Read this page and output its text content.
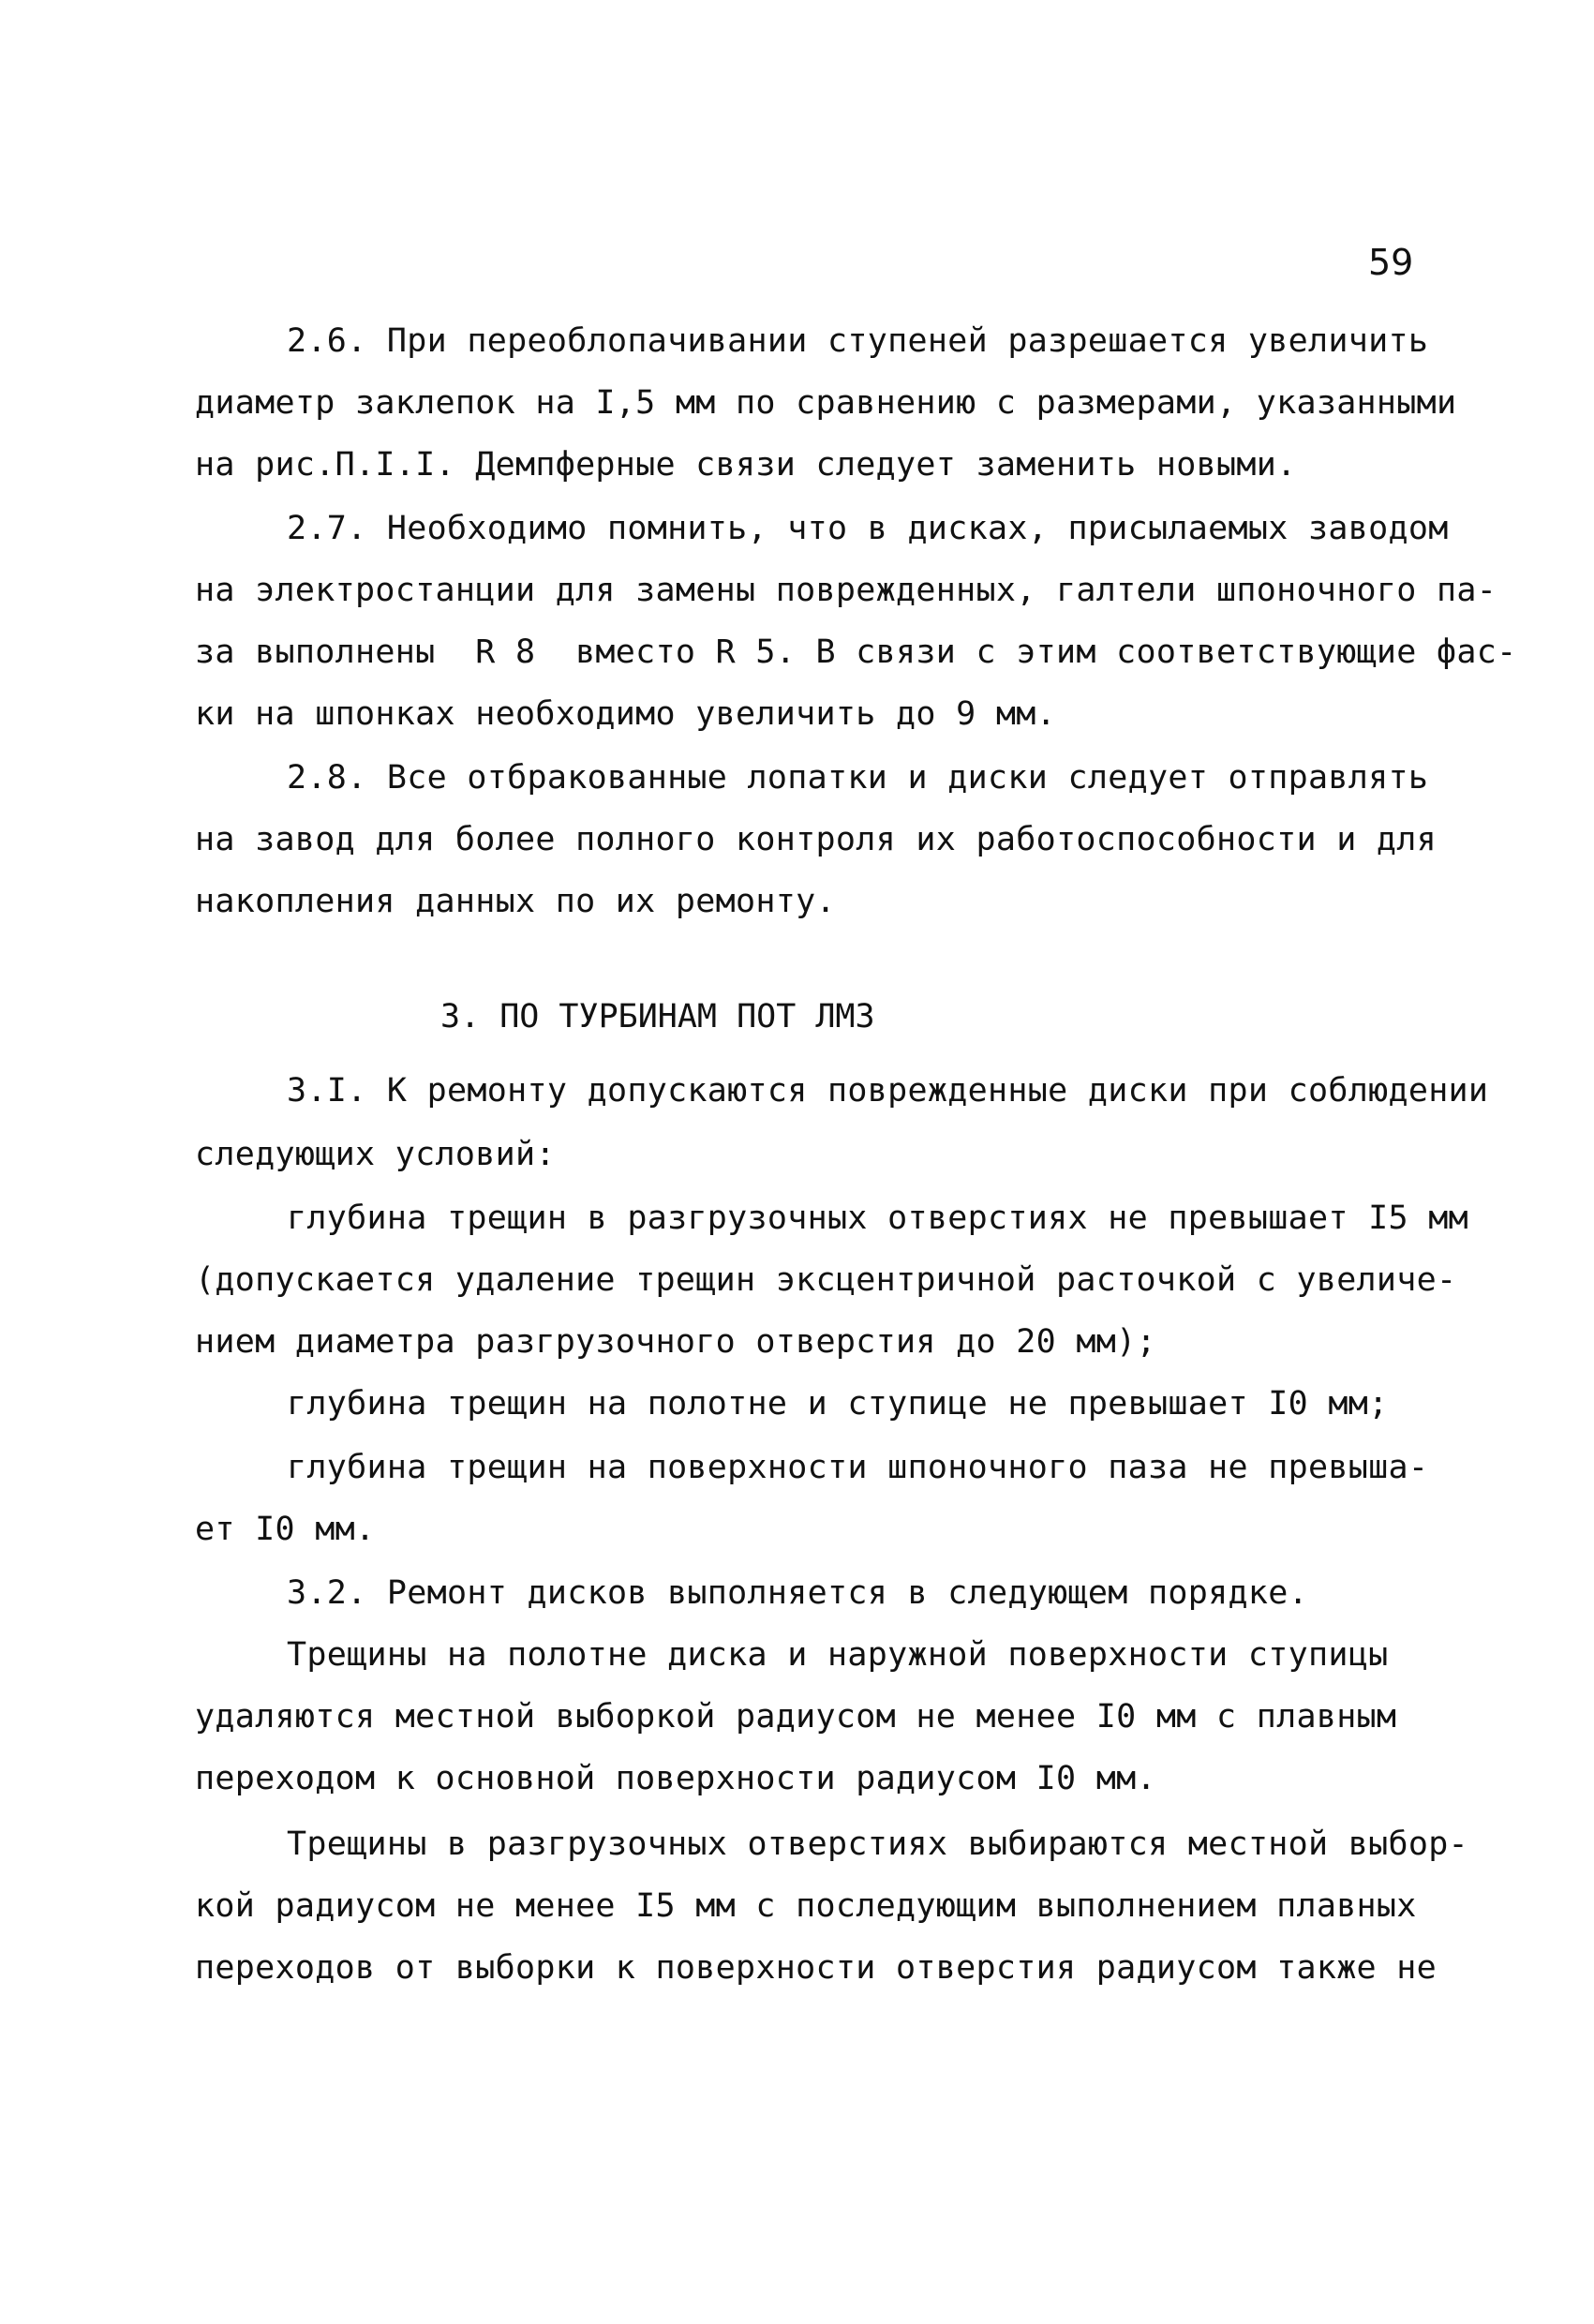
59
2.6. При переоблопачивании ступеней разрешается увеличить
диаметр заклепок на I,5 мм по сравнению с размерами, указанными
на рис.П.I.I. Демпферные связи следует заменить новыми.
2.7. Необходимо помнить, что в дисках, присылаемых заводом
на электростанции для замены поврежденных, галтели шпоночного па-
за выполнены  R 8  вместо R 5. В связи с этим соответствующие фас-
ки на шпонках необходимо увеличить до 9 мм.
2.8. Все отбракованные лопатки и диски следует отправлять
на завод для более полного контроля их работоспособности и для
накопления данных по их ремонту.
3. ПО ТУРБИНАМ ПОТ ЛМЗ
3.I. К ремонту допускаются поврежденные диски при соблюдении
следующих условий:
глубина трещин в разгрузочных отверстиях не превышает I5 мм
(допускается удаление трещин эксцентричной расточкой с увеличе-
нием диаметра разгрузочного отверстия до 20 мм);
глубина трещин на полотне и ступице не превышает I0 мм;
глубина трещин на поверхности шпоночного паза не превыша-
ет I0 мм.
3.2. Ремонт дисков выполняется в следующем порядке.
Трещины на полотне диска и наружной поверхности ступицы
удаляются местной выборкой радиусом не менее I0 мм с плавным
переходом к основной поверхности радиусом I0 мм.
Трещины в разгрузочных отверстиях выбираются местной выбор-
кой радиусом не менее I5 мм с последующим выполнением плавных
переходов от выборки к поверхности отверстия радиусом также не
